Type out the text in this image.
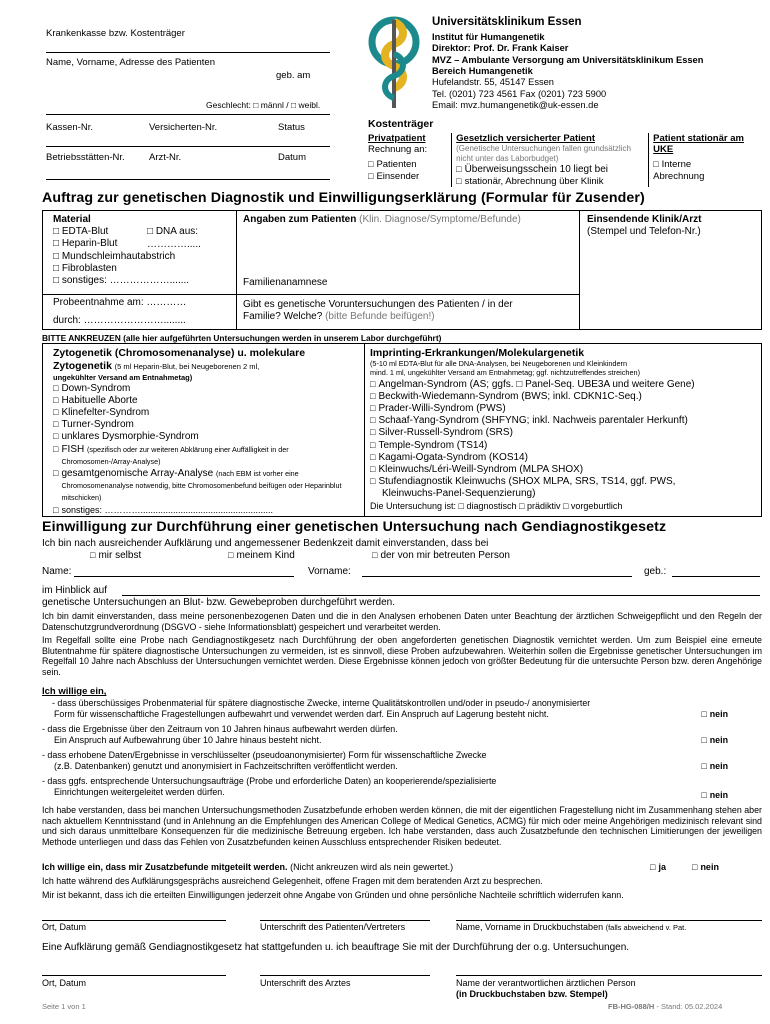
Krankenkasse bzw. Kostenträger
Name, Vorname, Adresse des Patienten
geb. am
Geschlecht: □ männl / □ weibl.
Kassen-Nr.	Versicherten-Nr.	Status
Betriebsstätten-Nr.	Arzt-Nr.	Datum
Universitätsklinikum Essen
Institut für Humangenetik
Direktor: Prof. Dr. Frank Kaiser
MVZ – Ambulante Versorgung am Universitätsklinikum Essen
Bereich Humangenetik
Hufelandstr. 55, 45147 Essen
Tel. (0201) 723 4561 Fax (0201) 723 5900
Email: mvz.humangenetik@uk-essen.de
Kostenträger
Privatpatient
Rechnung an:
□ Patienten
□ Einsender
Gesetzlich versicherter Patient
(Genetische Untersuchungen fallen grundsätzlich nicht unter das Laborbudget)
□ Überweisungsschein 10 liegt bei
□ stationär, Abrechnung über Klinik
Patient stationär am UKE
□ Interne
Abrechnung
Auftrag zur genetischen Diagnostik und Einwilligungserklärung (Formular für Zusender)
Material
□ EDTA-Blut
□ Heparin-Blut
□ Mundschleimhautabstrich
□ Fibroblasten
□ sonstiges: ……………….......
□ DNA aus:
………….....
Probeentnahme am: …………
durch: ……………………........
Angaben zum Patienten (Klin. Diagnose/Symptome/Befunde)
Familienanamnese
Gibt es genetische Voruntersuchungen des Patienten / in der
Familie? Welche? (bitte Befunde beifügen!)
Einsendende Klinik/Arzt
(Stempel und Telefon-Nr.)
BITTE ANKREUZEN (alle hier aufgeführten Untersuchungen werden in unserem Labor durchgeführt)
Zytogenetik (Chromosomenanalyse) u. molekulare
Zytogenetik (5 ml Heparin-Blut, bei Neugeborenen 2 ml,
ungekühlter Versand am Entnahmetag)
□ Down-Syndrom
□ Habituelle Aborte
□ Klinefelter-Syndrom
□ Turner-Syndrom
□ unklares Dysmorphie-Syndrom
□
FISH (spezifisch oder zur weiteren Abklärung einer Auffälligkeit in der Chromosomen-/Array-Analyse)
□
gesamtgenomische Array-Analyse (nach EBM ist vorher eine Chromosomenanalyse notwendig, bitte Chromosomenbefund beifügen oder Heparinblut mitschicken)
□ sonstiges: ………….....................................................
Imprinting-Erkrankungen/Molekulargenetik
(5-10 ml EDTA-Blut für alle DNA-Analysen, bei Neugeborenen und Kleinkindern
mind. 1 ml, ungekühlter Versand am Entnahmetag; ggf. nichtzutreffendes streichen)
□ Angelman-Syndrom (AS; ggfs. □ Panel-Seq. UBE3A und weitere Gene)
□ Beckwith-Wiedemann-Syndrom (BWS; inkl. CDKN1C-Seq.)
□ Prader-Willi-Syndrom (PWS)
□ Schaaf-Yang-Syndrom (SHFYNG; inkl. Nachweis parentaler Herkunft)
□ Silver-Russell-Syndrom (SRS)
□ Temple-Syndrom (TS14)
□ Kagami-Ogata-Syndrom (KOS14)
□ Kleinwuchs/Léri-Weill-Syndrom (MLPA SHOX)
□ Stufendiagnostik Kleinwuchs (SHOX MLPA, SRS, TS14, ggf. PWS,
Kleinwuchs-Panel-Sequenzierung)
Die Untersuchung ist: □ diagnostisch □ prädiktiv □ vorgeburtlich
Einwilligung zur Durchführung einer genetischen Untersuchung nach Gendiagnostikgesetz
Ich bin nach ausreichender Aufklärung und angemessener Bedenkzeit damit einverstanden, dass bei
□ mir selbst	□ meinem Kind	□ der von mir betreuten Person
Name:	Vorname:	geb.:
im Hinblick auf
genetische Untersuchungen an Blut- bzw. Gewebeproben durchgeführt werden.
Ich bin damit einverstanden, dass meine personenbezogenen Daten und die in den Analysen erhobenen Daten unter Beachtung der ärztlichen Schweigepflicht und den Regeln der Datenschutzgrundverordnung (DSGVO - siehe Informationsblatt) gespeichert und verarbeitet werden.
Im Regelfall sollte eine Probe nach Gendiagnostikgesetz nach Durchführung der oben angeforderten genetischen Diagnostik vernichtet werden. Um zum Beispiel eine erneute Blutentnahme für spätere diagnostische Untersuchungen zu vermeiden, ist es sinnvoll, diese Proben aufzubewahren. Weiterhin sollen die Ergebnisse genetischer Untersuchungen im Regelfall 10 Jahre nach Abschluss der Untersuchungen vernichtet werden. Diese Ergebnisse können jedoch von größter Bedeutung für die untersuchte Person bzw. deren Angehörige sein.
Ich willige ein,
- dass überschüssiges Probenmaterial für spätere diagnostische Zwecke, interne Qualitätskontrollen und/oder in pseudo-/ anonymisierter
Form für wissenschaftliche Fragestellungen aufbewahrt und verwendet werden darf. Ein Anspruch auf Lagerung besteht nicht.	□ nein
- dass die Ergebnisse über den Zeitraum von 10 Jahren hinaus aufbewahrt werden dürfen.
Ein Anspruch auf Aufbewahrung über 10 Jahre hinaus besteht nicht.	□ nein
- dass erhobene Daten/Ergebnisse in verschlüsselter (pseudoanonymisierter) Form für wissenschaftliche Zwecke
(z.B. Datenbanken) genutzt und anonymisiert in Fachzeitschriften veröffentlicht werden.	□ nein
- dass ggfs. entsprechende Untersuchungsaufträge (Probe und erforderliche Daten) an kooperierende/spezialisierte
Einrichtungen weitergeleitet werden dürfen.	□ nein
Ich habe verstanden, dass bei manchen Untersuchungsmethoden Zusatzbefunde erhoben werden können, die mit der eigentlichen Fragestellung nicht im Zusammenhang stehen aber nach aktuellem Kenntnisstand (und in Anlehnung an die Empfehlungen des American College of Medical Genetics, ACMG) für mich oder meine Angehörigen medizinisch relevant sind und sich daraus unmittelbare Konsequenzen für die medizinische Betreuung ergeben. Ich habe verstanden, dass auch Zusatzbefunde den technischen Limitierungen der jeweiligen Methode unterliegen und dass das Fehlen von Zusatzbefunden keinen Ausschluss entsprechender Risiken bedeutet.
Ich willige ein, dass mir Zusatzbefunde mitgeteilt werden. (Nicht ankreuzen wird als nein gewertet.)	□ ja	□ nein
Ich hatte während des Aufklärungsgesprächs ausreichend Gelegenheit, offene Fragen mit dem beratenden Arzt zu besprechen.
Mir ist bekannt, dass ich die erteilten Einwilligungen jederzeit ohne Angabe von Gründen und ohne persönliche Nachteile schriftlich widerrufen kann.
Ort, Datum	Unterschrift des Patienten/Vertreters	Name, Vorname in Druckbuchstaben (falls abweichend v. Pat.
Eine Aufklärung gemäß Gendiagnostikgesetz hat stattgefunden u. ich beauftrage Sie mit der Durchführung der o.g. Untersuchungen.
Ort, Datum	Unterschrift des Arztes	Name der verantwortlichen ärztlichen Person
(in Druckbuchstaben bzw. Stempel)
Seite 1 von 1	FB-HG-088/H - Stand: 05.02.2024
